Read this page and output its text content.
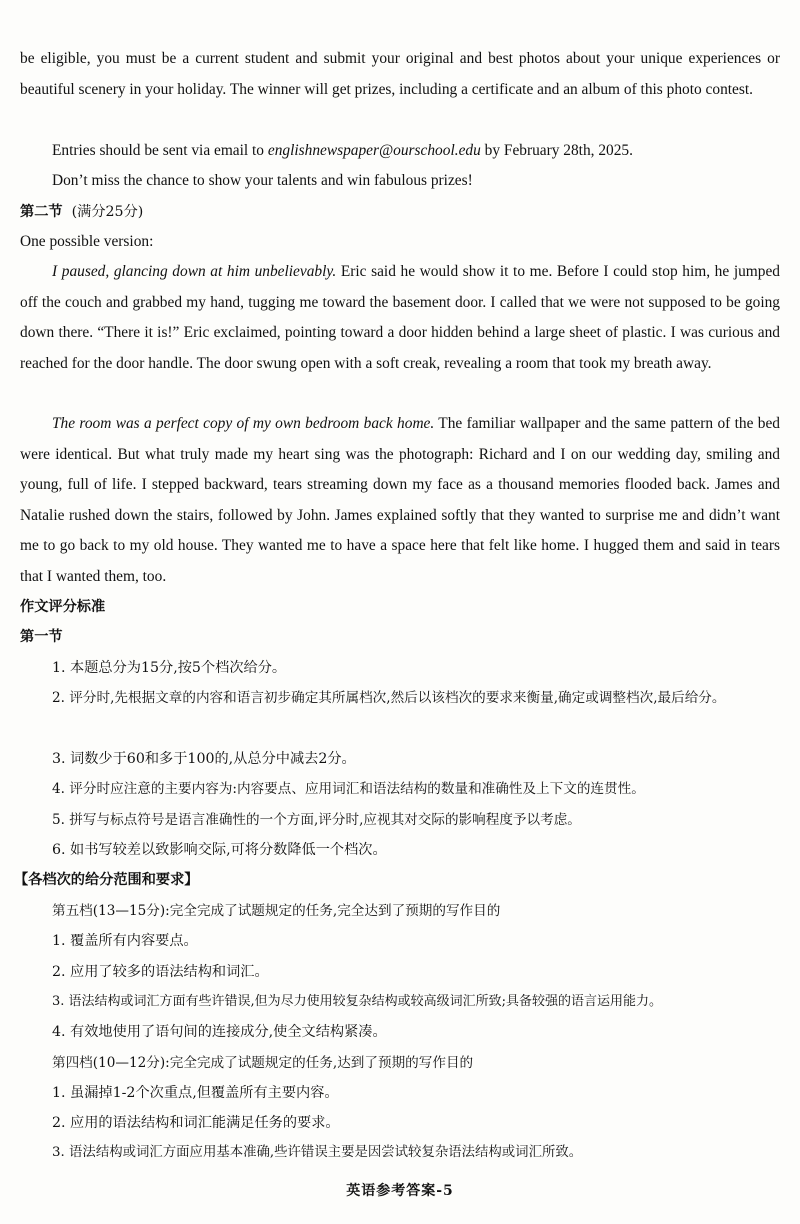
be eligible, you must be a current student and submit your original and best photos about your unique experiences or beautiful scenery in your holiday. The winner will get prizes, including a certificate and an album of this photo contest.

Entries should be sent via email to englishnewspaper@ourschool.edu by February 28th, 2025.

Don’t miss the chance to show your talents and win fabulous prizes!

第二节 (满分25分)

One possible version:

I paused, glancing down at him unbelievably. Eric said he would show it to me. Before I could stop him, he jumped off the couch and grabbed my hand, tugging me toward the basement door. I called that we were not supposed to be going down there. “There it is!” Eric exclaimed, pointing toward a door hidden behind a large sheet of plastic. I was curious and reached for the door handle. The door swung open with a soft creak, revealing a room that took my breath away.

The room was a perfect copy of my own bedroom back home. The familiar wallpaper and the same pattern of the bed were identical. But what truly made my heart sing was the photograph: Richard and I on our wedding day, smiling and young, full of life. I stepped backward, tears streaming down my face as a thousand memories flooded back. James and Natalie rushed down the stairs, followed by John. James explained softly that they wanted to surprise me and didn’t want me to go back to my old house. They wanted me to have a space here that felt like home. I hugged them and said in tears that I wanted them, too.

作文评分标准

第一节

1. 本题总分为15分,按5个档次给分。

2. 评分时,先根据文章的内容和语言初步确定其所属档次,然后以该档次的要求来衡量,确定或调整档次,最后给分。

3. 词数少于60和多于100的,从总分中减去2分。

4. 评分时应注意的主要内容为:内容要点、应用词汇和语法结构的数量和准确性及上下文的连贯性。

5. 拼写与标点符号是语言准确性的一个方面,评分时,应视其对交际的影响程度予以考虑。

6. 如书写较差以致影响交际,可将分数降低一个档次。

【各档次的给分范围和要求】

第五档(13—15分):完全完成了试题规定的任务,完全达到了预期的写作目的

1. 覆盖所有内容要点。

2. 应用了较多的语法结构和词汇。

3. 语法结构或词汇方面有些许错误,但为尽力使用较复杂结构或较高级词汇所致;具备较强的语言运用能力。

4. 有效地使用了语句间的连接成分,使全文结构紧凑。

第四档(10—12分):完全完成了试题规定的任务,达到了预期的写作目的

1. 虽漏掉1-2个次重点,但覆盖所有主要内容。

2. 应用的语法结构和词汇能满足任务的要求。

3. 语法结构或词汇方面应用基本准确,些许错误主要是因尝试较复杂语法结构或词汇所致。

英语参考答案-5
